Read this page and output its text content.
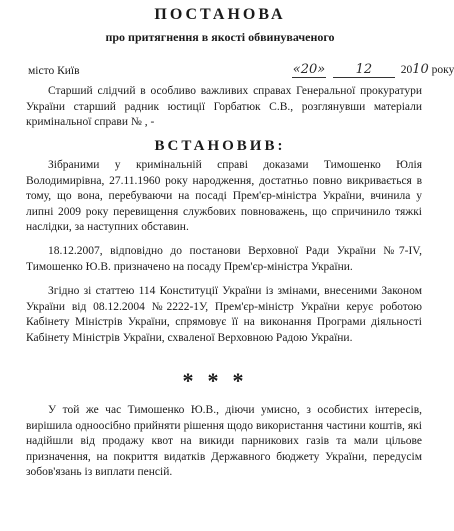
ПОСТАНОВА
про притягнення в якості обвинуваченого
місто Київ	«20» 12 2010 року
Старший слідчий в особливо важливих справах Генеральної прокуратури України старший радник юстиції Горбатюк С.В., розглянувши матеріали кримінальної справи № , -
ВСТАНОВИВ:
Зібраними у кримінальній справі доказами Тимошенко Юлія Володимирівна, 27.11.1960 року народження, достатньо повно викривається в тому, що вона, перебуваючи на посаді Прем'єр-міністра України, вчинила у липні 2009 року перевищення службових повноважень, що спричинило тяжкі наслідки, за наступних обставин.
18.12.2007, відповідно до постанови Верховної Ради України №7-IV, Тимошенко Ю.В. призначено на посаду Прем'єр-міністра України.
Згідно зі статтею 114 Конституції України із змінами, внесеними Законом України від 08.12.2004 №2222-1У, Прем'єр-міністр України керує роботою Кабінету Міністрів України, спрямовує її на виконання Програми діяльності Кабінету Міністрів України, схваленої Верховною Радою України.
***
У той же час Тимошенко Ю.В., діючи умисно, з особистих інтересів, вирішила одноосібно прийняти рішення щодо використання частини коштів, які надійшли від продажу квот на викиди парникових газів та мали цільове призначення, на покриття видатків Державного бюджету України, передусім зобов'язань із виплати пенсій.
